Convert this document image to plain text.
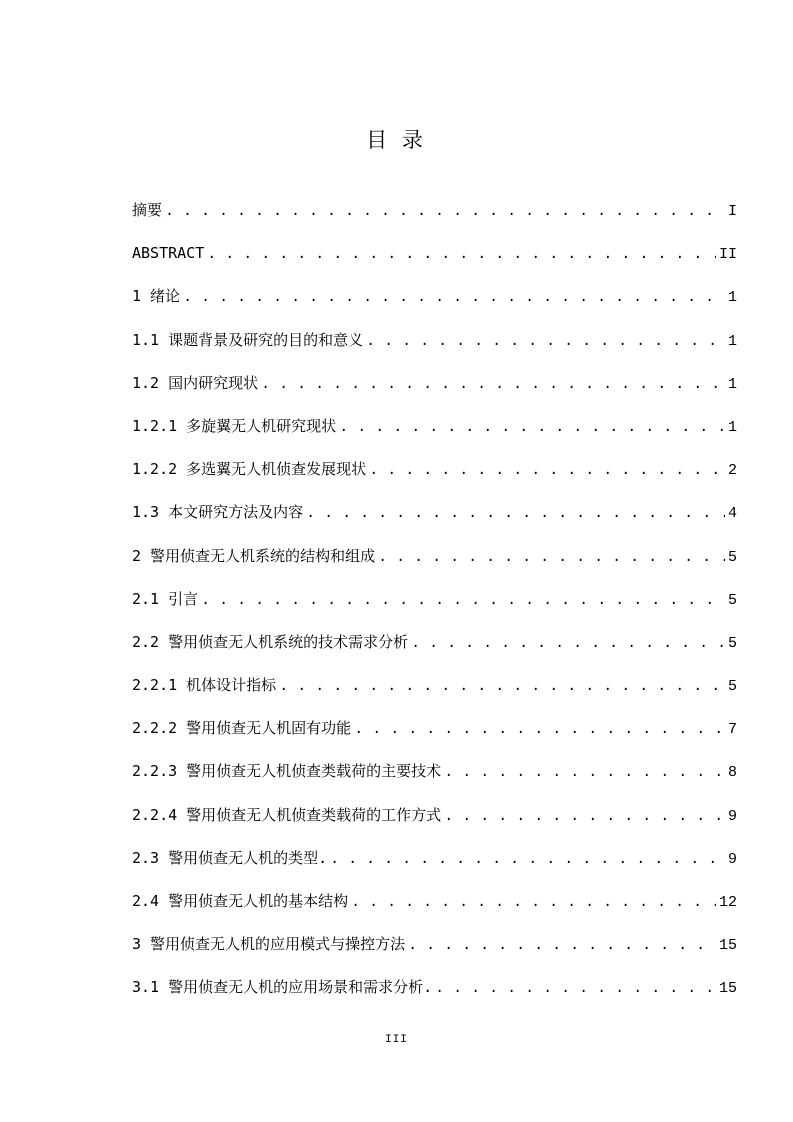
目 录
摘要 . . .	I
ABSTRACT . . .	II
1 绪论 . . .	1
1.1 课题背景及研究的目的和意义 . . .	1
1.2 国内研究现状 . . .	1
1.2.1 多旋翼无人机研究现状 . . .	1
1.2.2 多选翼无人机侦查发展现状 . . .	2
1.3 本文研究方法及内容 . . .	4
2 警用侦查无人机系统的结构和组成 . . .	5
2.1 引言 . . .	5
2.2 警用侦查无人机系统的技术需求分析 . . .	5
2.2.1 机体设计指标 . . .	5
2.2.2 警用侦查无人机固有功能 . . .	7
2.2.3 警用侦查无人机侦查类载荷的主要技术 . . .	8
2.2.4 警用侦查无人机侦查类载荷的工作方式 . . .	9
2.3 警用侦查无人机的类型. . . .	9
2.4 警用侦查无人机的基本结构 . . .	12
3 警用侦查无人机的应用模式与操控方法 . . .	15
3.1 警用侦查无人机的应用场景和需求分析. . . .	15
III
